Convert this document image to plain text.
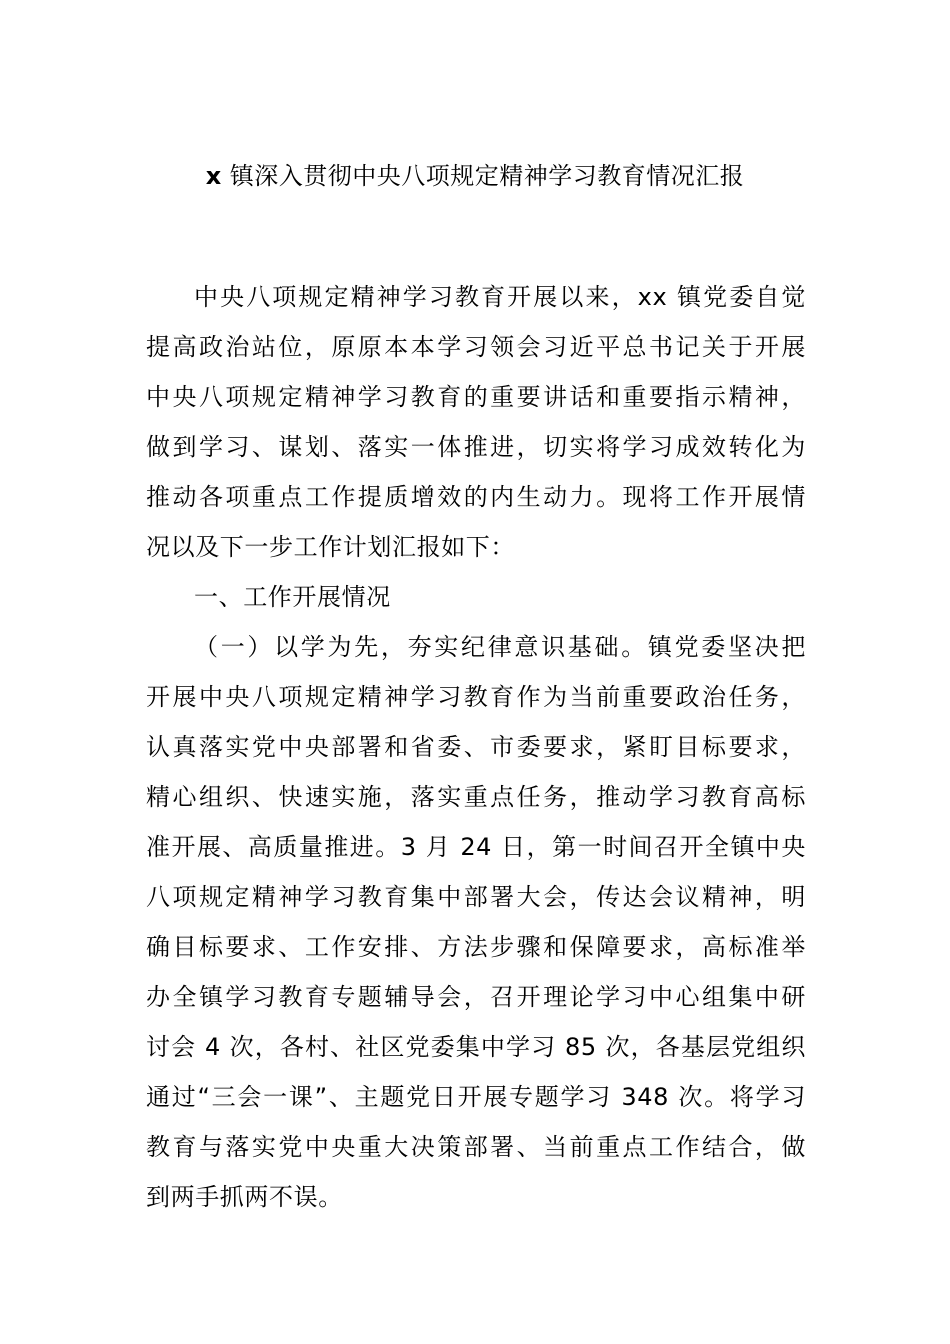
x 镇深入贯彻中央八项规定精神学习教育情况汇报
中央八项规定精神学习教育开展以来，xx 镇党委自觉
提高政治站位，原原本本学习领会习近平总书记关于开展
中央八项规定精神学习教育的重要讲话和重要指示精神，
做到学习、谋划、落实一体推进，切实将学习成效转化为
推动各项重点工作提质增效的内生动力。现将工作开展情
况以及下一步工作计划汇报如下：
一、工作开展情况
（一）以学为先，夯实纪律意识基础。镇党委坚决把
开展中央八项规定精神学习教育作为当前重要政治任务，
认真落实党中央部署和省委、市委要求，紧盯目标要求，
精心组织、快速实施，落实重点任务，推动学习教育高标
准开展、高质量推进。3 月 24 日，第一时间召开全镇中央
八项规定精神学习教育集中部署大会，传达会议精神，明
确目标要求、工作安排、方法步骤和保障要求，高标准举
办全镇学习教育专题辅导会，召开理论学习中心组集中研
讨会 4 次，各村、社区党委集中学习 85 次，各基层党组织
通过“三会一课”、主题党日开展专题学习 348 次。将学习
教育与落实党中央重大决策部署、当前重点工作结合，做
到两手抓两不误。
